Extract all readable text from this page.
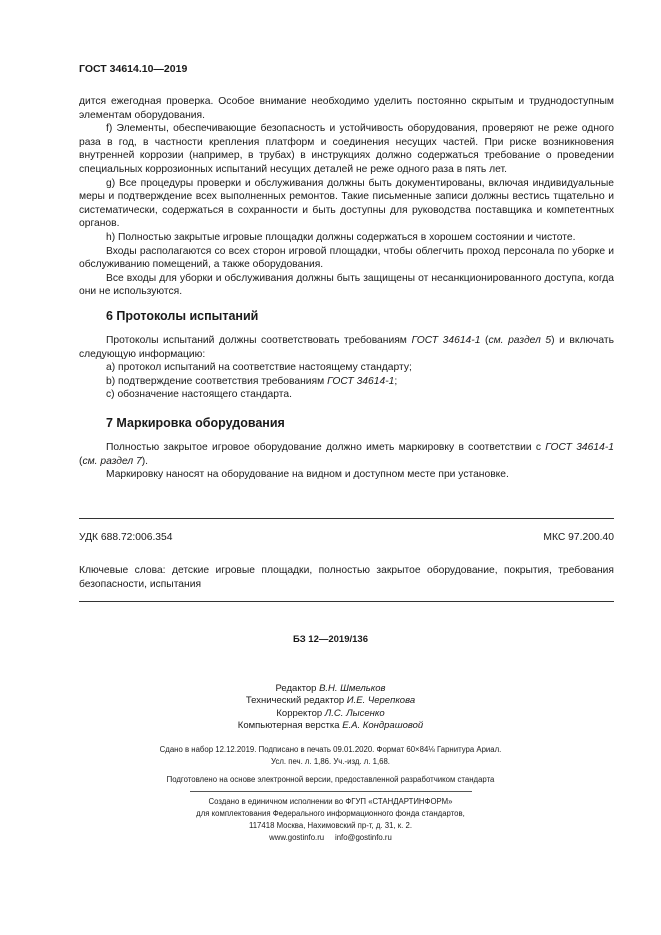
ГОСТ 34614.10—2019

дится ежегодная проверка. Особое внимание необходимо уделить постоянно скрытым и труднодоступным элементам оборудования.

f) Элементы, обеспечивающие безопасность и устойчивость оборудования, проверяют не реже одного раза в год, в частности крепления платформ и соединения несущих частей. При риске возникновения внутренней коррозии (например, в трубах) в инструкциях должно содержаться требование о проведении специальных коррозионных испытаний несущих деталей не реже одного раза в пять лет.

g) Все процедуры проверки и обслуживания должны быть документированы, включая индивидуальные меры и подтверждение всех выполненных ремонтов. Такие письменные записи должны вестись тщательно и систематически, содержаться в сохранности и быть доступны для руководства поставщика и компетентных органов.

h) Полностью закрытые игровые площадки должны содержаться в хорошем состоянии и чистоте.

Входы располагаются со всех сторон игровой площадки, чтобы облегчить проход персонала по уборке и обслуживанию помещений, а также оборудования.

Все входы для уборки и обслуживания должны быть защищены от несанкционированного доступа, когда они не используются.

6 Протоколы испытаний

Протоколы испытаний должны соответствовать требованиям ГОСТ 34614-1 (см. раздел 5) и включать следующую информацию:

a) протокол испытаний на соответствие настоящему стандарту;

b) подтверждение соответствия требованиям ГОСТ 34614-1;

c) обозначение настоящего стандарта.

7 Маркировка оборудования

Полностью закрытое игровое оборудование должно иметь маркировку в соответствии с ГОСТ 34614-1 (см. раздел 7).

Маркировку наносят на оборудование на видном и доступном месте при установке.

УДК 688.72:006.354	МКС 97.200.40
Ключевые слова: детские игровые площадки, полностью закрытое оборудование, покрытия, требования безопасности, испытания
БЗ 12—2019/136
Редактор В.Н. Шмельков
Технический редактор И.Е. Черепкова
Корректор Л.С. Лысенко
Компьютерная верстка Е.А. Кондрашовой
Сдано в набор 12.12.2019. Подписано в печать 09.01.2020. Формат 60×84⅛ Гарнитура Ариал.
Усл. печ. л. 1,86. Уч.-изд. л. 1,68.
Подготовлено на основе электронной версии, предоставленной разработчиком стандарта
Создано в единичном исполнении во ФГУП «СТАНДАРТИНФОРМ»
для комплектования Федерального информационного фонда стандартов,
117418 Москва, Нахимовский пр-т, д. 31, к. 2.
www.gostinfo.ru     info@gostinfo.ru
